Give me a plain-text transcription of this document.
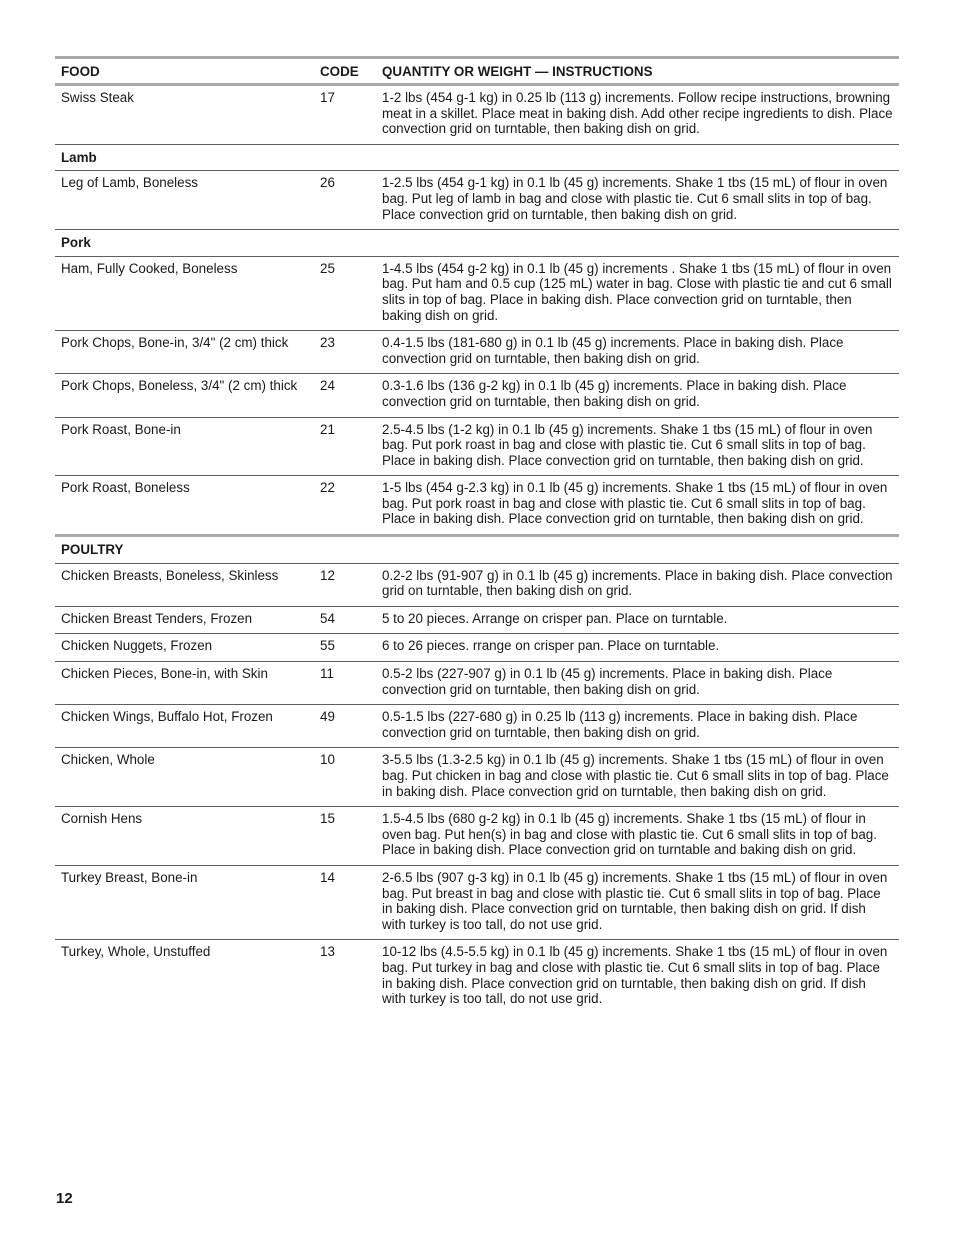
FOOD	CODE	QUANTITY OR WEIGHT — INSTRUCTIONS
Swiss Steak	17	1-2 lbs (454 g-1 kg) in 0.25 lb (113 g) increments. Follow recipe instructions, browning meat in a skillet. Place meat in baking dish. Add other recipe ingredients to dish. Place convection grid on turntable, then baking dish on grid.
Lamb		
Leg of Lamb, Boneless	26	1-2.5 lbs (454 g-1 kg) in 0.1 lb (45 g) increments. Shake 1 tbs (15 mL) of flour in oven bag. Put leg of lamb in bag and close with plastic tie. Cut 6 small slits in top of bag. Place convection grid on turntable, then baking dish on grid.
Pork		
Ham, Fully Cooked, Boneless	25	1-4.5 lbs (454 g-2 kg) in 0.1 lb (45 g) increments . Shake 1 tbs (15 mL) of flour in oven bag. Put ham and 0.5 cup (125 mL) water in bag. Close with plastic tie and cut 6 small slits in top of bag. Place in baking dish. Place convection grid on turntable, then baking dish on grid.
Pork Chops, Bone-in, 3/4" (2 cm) thick	23	0.4-1.5 lbs (181-680 g) in 0.1 lb (45 g) increments. Place in baking dish. Place convection grid on turntable, then baking dish on grid.
Pork Chops, Boneless, 3/4" (2 cm) thick	24	0.3-1.6 lbs (136 g-2 kg) in 0.1 lb (45 g) increments. Place in baking dish. Place convection grid on turntable, then baking dish on grid.
Pork Roast, Bone-in	21	2.5-4.5 lbs (1-2 kg) in 0.1 lb (45 g) increments. Shake 1 tbs (15 mL) of flour in oven bag. Put pork roast in bag and close with plastic tie. Cut 6 small slits in top of bag. Place in baking dish. Place convection grid on turntable, then baking dish on grid.
Pork Roast, Boneless	22	1-5 lbs (454 g-2.3 kg) in 0.1 lb (45 g) increments. Shake 1 tbs (15 mL) of flour in oven bag. Put pork roast in bag and close with plastic tie. Cut 6 small slits in top of bag. Place in baking dish. Place convection grid on turntable, then baking dish on grid.
POULTRY		
Chicken Breasts, Boneless, Skinless	12	0.2-2 lbs (91-907 g) in 0.1 lb (45 g) increments. Place in baking dish. Place convection grid on turntable, then baking dish on grid.
Chicken Breast Tenders, Frozen	54	5 to 20 pieces. Arrange on crisper pan. Place on turntable.
Chicken Nuggets, Frozen	55	6 to 26 pieces. rrange on crisper pan. Place on turntable.
Chicken Pieces, Bone-in, with Skin	11	0.5-2 lbs (227-907 g) in 0.1 lb (45 g) increments. Place in baking dish. Place convection grid on turntable, then baking dish on grid.
Chicken Wings, Buffalo Hot, Frozen	49	0.5-1.5 lbs (227-680 g) in 0.25 lb (113 g) increments. Place in baking dish. Place convection grid on turntable, then baking dish on grid.
Chicken, Whole	10	3-5.5 lbs (1.3-2.5 kg) in 0.1 lb (45 g) increments. Shake 1 tbs (15 mL) of flour in oven bag. Put chicken in bag and close with plastic tie. Cut 6 small slits in top of bag. Place in baking dish. Place convection grid on turntable, then baking dish on grid.
Cornish Hens	15	1.5-4.5 lbs (680 g-2 kg) in 0.1 lb (45 g) increments. Shake 1 tbs (15 mL) of flour in oven bag. Put hen(s) in bag and close with plastic tie. Cut 6 small slits in top of bag. Place in baking dish. Place convection grid on turntable and baking dish on grid.
Turkey Breast, Bone-in	14	2-6.5 lbs (907 g-3 kg) in 0.1 lb (45 g) increments. Shake 1 tbs (15 mL) of flour in oven bag. Put breast in bag and close with plastic tie. Cut 6 small slits in top of bag. Place in baking dish. Place convection grid on turntable, then baking dish on grid. If dish with turkey is too tall, do not use grid.
Turkey, Whole, Unstuffed	13	10-12 lbs (4.5-5.5 kg) in 0.1 lb (45 g) increments. Shake 1 tbs (15 mL) of flour in oven bag. Put turkey in bag and close with plastic tie. Cut 6 small slits in top of bag. Place in baking dish. Place convection grid on turntable, then baking dish on grid. If dish with turkey is too tall, do not use grid.
12
